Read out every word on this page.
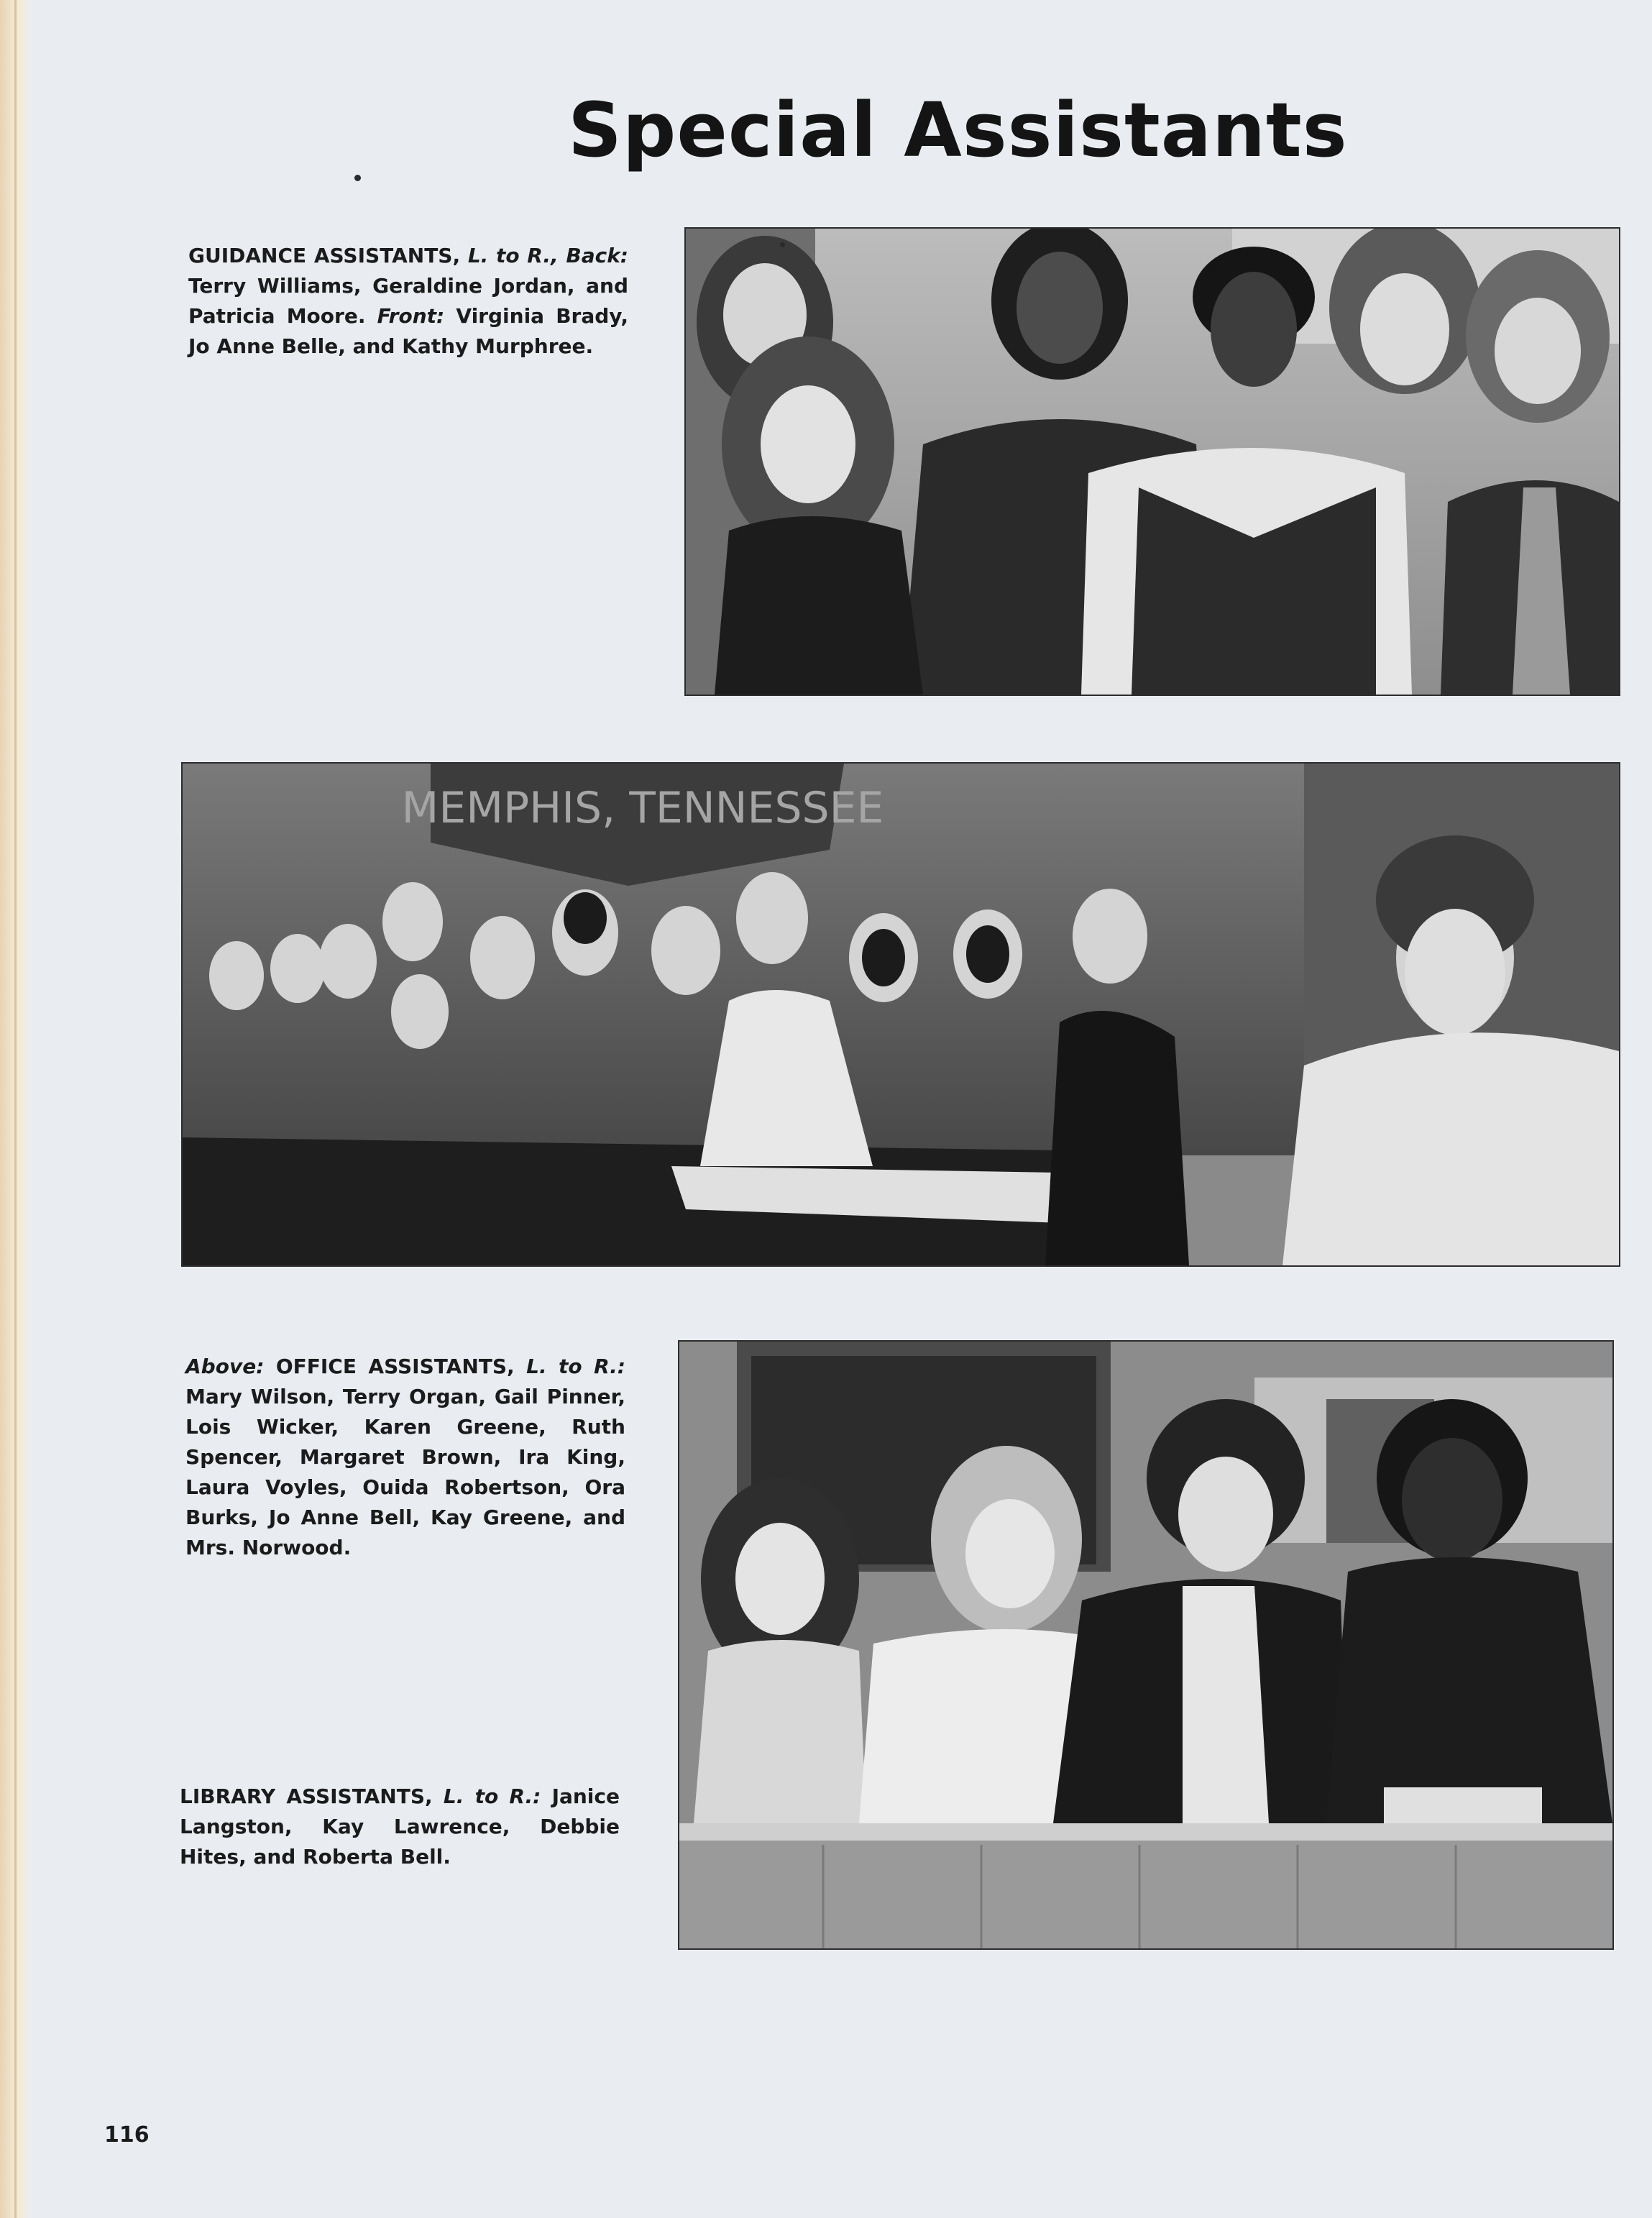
Special Assistants
GUIDANCE ASSISTANTS, L. to R., Back: Terry Williams, Geraldine Jordan, and Patricia Moore. Front: Virginia Brady, Jo Anne Belle, and Kathy Murphree.
MEMPHIS, TENNESSEE
Above: OFFICE ASSISTANTS, L. to R.: Mary Wilson, Terry Organ, Gail Pinner, Lois Wicker, Karen Greene, Ruth Spencer, Margaret Brown, Ira King, Laura Voyles, Ouida Robertson, Ora Burks, Jo Anne Bell, Kay Greene, and Mrs. Norwood.
LIBRARY ASSISTANTS, L. to R.: Janice Langston, Kay Lawrence, Debbie Hites, and Roberta Bell.
116
